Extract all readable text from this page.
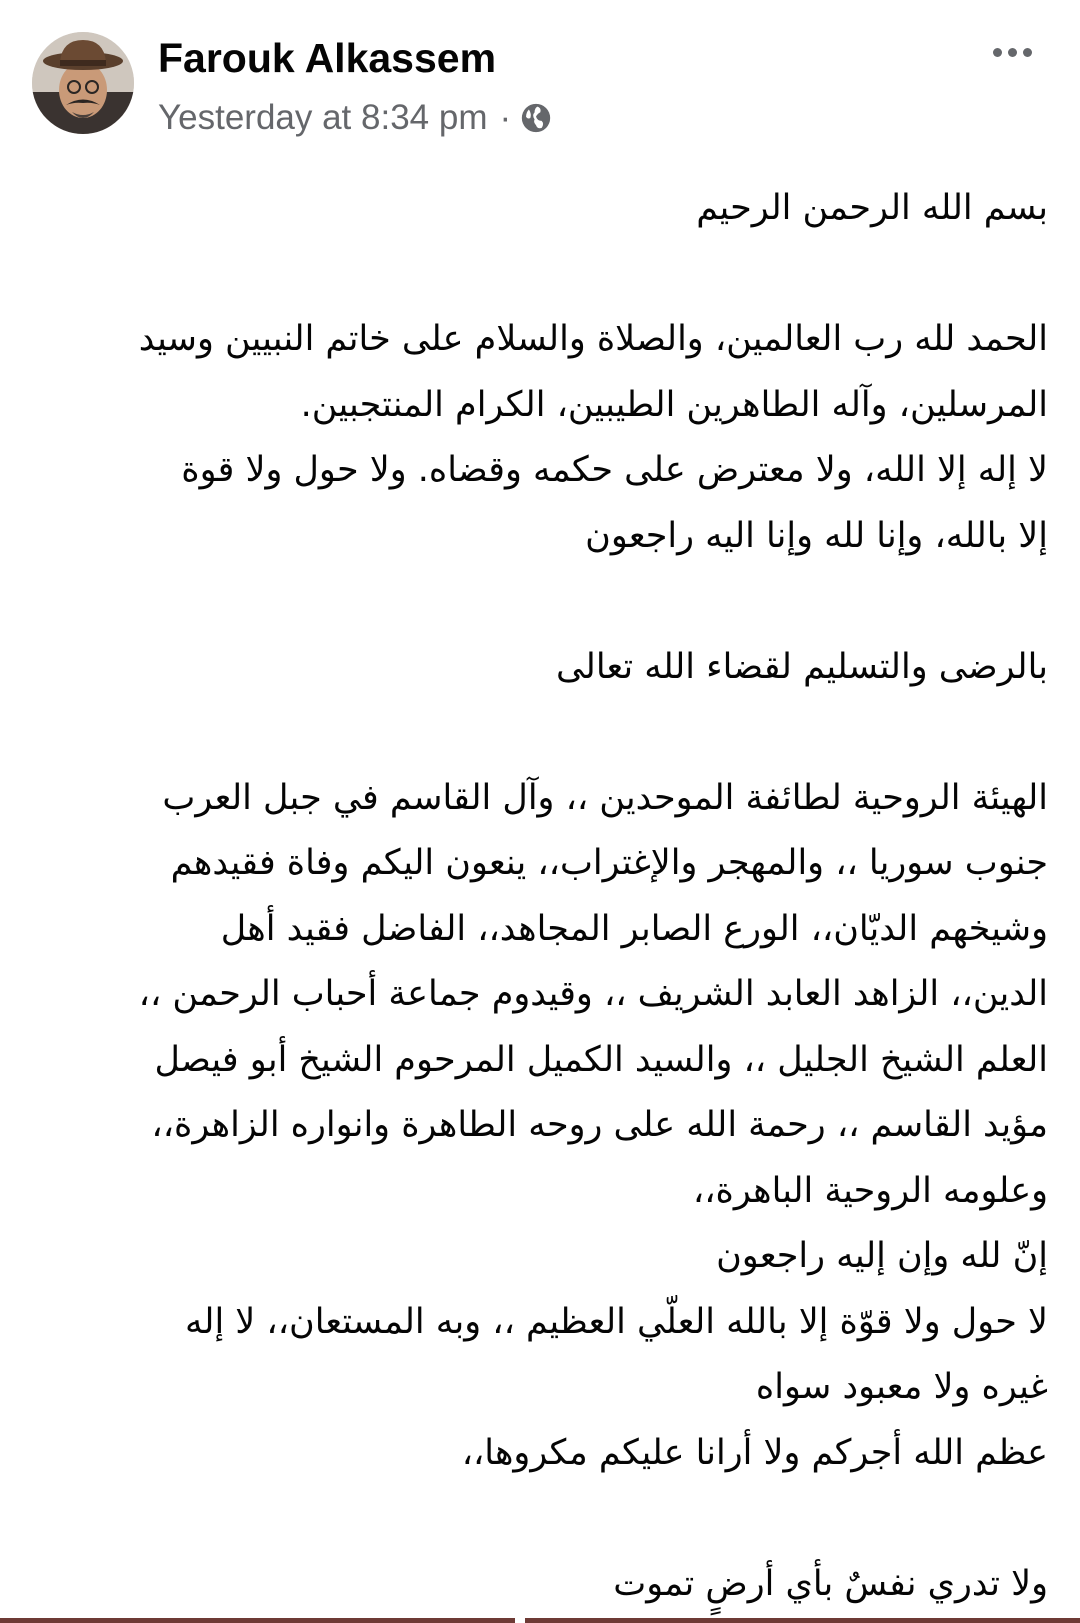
Farouk Alkassem
Yesterday at 8:34 pm ·

بسم الله الرحمن الرحيم

الحمد لله رب العالمين، والصلاة والسلام على خاتم النبيين وسيد

المرسلين، وآله الطاهرين الطيبين، الكرام المنتجبين.

لا إله إلا الله، ولا معترض على حكمه وقضاه. ولا حول ولا قوة

إلا بالله، وإنا لله وإنا اليه راجعون

بالرضى والتسليم لقضاء الله تعالى

الهيئة الروحية لطائفة الموحدين ،، وآل القاسم في جبل العرب

جنوب سوريا ،، والمهجر والإغتراب،، ينعون اليكم وفاة فقيدهم

وشيخهم الديّان،، الورع الصابر المجاهد،، الفاضل فقيد أهل

الدين،، الزاهد العابد الشريف ،، وقيدوم جماعة أحباب الرحمن ،،

العلم الشيخ الجليل ،، والسيد الكميل المرحوم الشيخ أبو فيصل

مؤيد القاسم ،، رحمة الله على روحه الطاهرة وانواره الزاهرة،،

وعلومه الروحية الباهرة،،

إنّ لله وإن إليه راجعون

لا حول ولا قوّة إلا بالله العلّي العظيم ،، وبه المستعان،، لا إله

غيره ولا معبود سواه

عظم الله أجركم ولا أرانا عليكم مكروها،،

ولا تدري نفسٌ بأي أرضٍ تموت
